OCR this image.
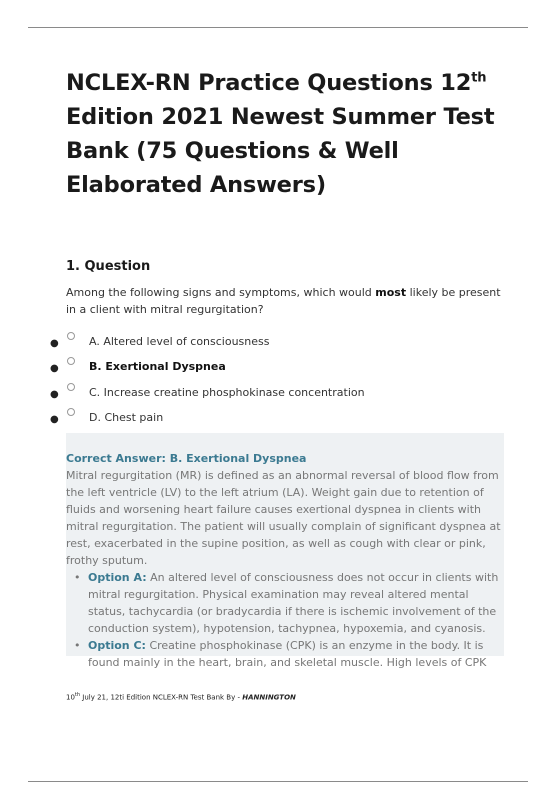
NCLEX-RN Practice Questions 12th Edition 2021 Newest Summer Test Bank (75 Questions & Well Elaborated Answers)
1. Question

Among the following signs and symptoms, which would most likely be present in a client with mitral regurgitation?

●	A. Altered level of consciousness
●	B. Exertional Dyspnea
●	C. Increase creatine phosphokinase concentration
●	D. Chest pain
Correct Answer: B. Exertional Dyspnea
Mitral regurgitation (MR) is defined as an abnormal reversal of blood flow from the left ventricle (LV) to the left atrium (LA). Weight gain due to retention of fluids and worsening heart failure causes exertional dyspnea in clients with mitral regurgitation. The patient will usually complain of significant dyspnea at rest, exacerbated in the supine position, as well as cough with clear or pink, frothy sputum.
• Option A: An altered level of consciousness does not occur in clients with mitral regurgitation. Physical examination may reveal altered mental status, tachycardia (or bradycardia if there is ischemic involvement of the conduction system), hypotension, tachypnea, hypoxemia, and cyanosis.
• Option C: Creatine phosphokinase (CPK) is an enzyme in the body. It is found mainly in the heart, brain, and skeletal muscle. High levels of CPK
10th July 21, 12ti Edition NCLEX-RN Test Bank By - HANNINGTON
